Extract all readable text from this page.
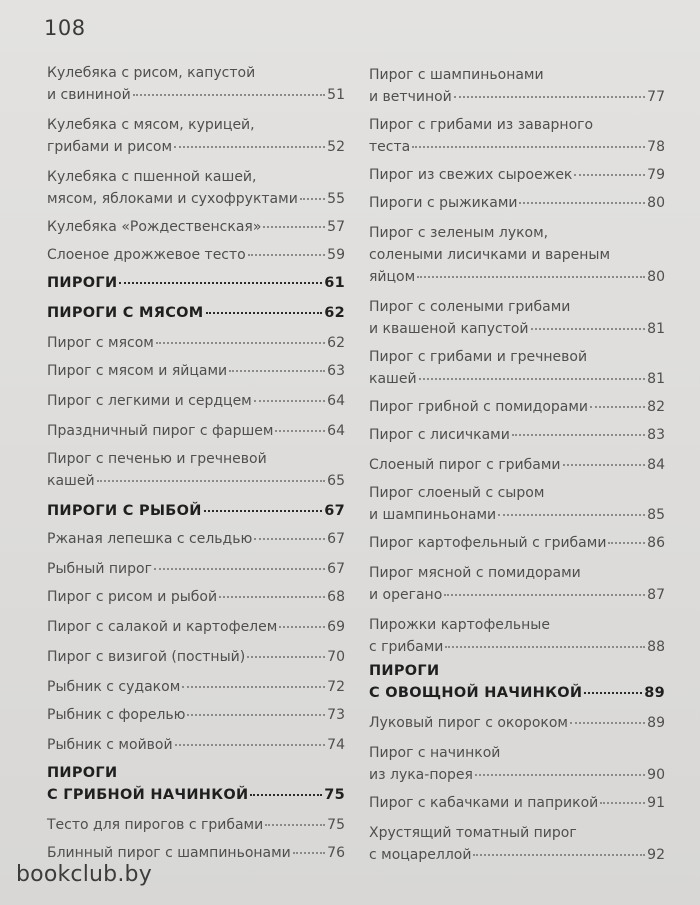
108
Кулебяка с рисом, капустой
и свининой	51
Кулебяка с мясом, курицей,
грибами и рисом	52
Кулебяка с пшенной кашей,
мясом, яблоками и сухофруктами 55
Кулебяка «Рождественская»	57
Слоеное дрожжевое тесто	59
ПИРОГИ	61
ПИРОГИ С МЯСОМ	62
Пирог с мясом	62
Пирог с мясом и яйцами	63
Пирог с легкими и сердцем	64
Праздничный пирог с фаршем	64
Пирог с печенью и гречневой
кашей	65
ПИРОГИ С РЫБОЙ	67
Ржаная лепешка с сельдью	67
Рыбный пирог	67
Пирог с рисом и рыбой	68
Пирог с салакой и картофелем	69
Пирог с визигой (постный)	70
Рыбник с судаком	72
Рыбник с форелью	73
Рыбник с мойвой	74
ПИРОГИ
С ГРИБНОЙ НАЧИНКОЙ	75
Тесто для пирогов с грибами	75
Блинный пирог с шампиньонами	76
Пирог с шампиньонами
и ветчиной	77
Пирог с грибами из заварного
теста	78
Пирог из свежих сыроежек	79
Пироги с рыжиками	80
Пирог с зеленым луком,
солеными лисичками и вареным
яйцом	80
Пирог с солеными грибами
и квашеной капустой	81
Пирог с грибами и гречневой
кашей	81
Пирог грибной с помидорами	82
Пирог с лисичками	83
Слоеный пирог с грибами	84
Пирог слоеный с сыром
и шампиньонами	85
Пирог картофельный с грибами	86
Пирог мясной с помидорами
и орегано	87
Пирожки картофельные
с грибами	88
ПИРОГИ
С ОВОЩНОЙ НАЧИНКОЙ	89
Луковый пирог с окороком	89
Пирог с начинкой
из лука-порея	90
Пирог с кабачками и паприкой	91
Хрустящий томатный пирог
с моцареллой	92
bookclub.by
